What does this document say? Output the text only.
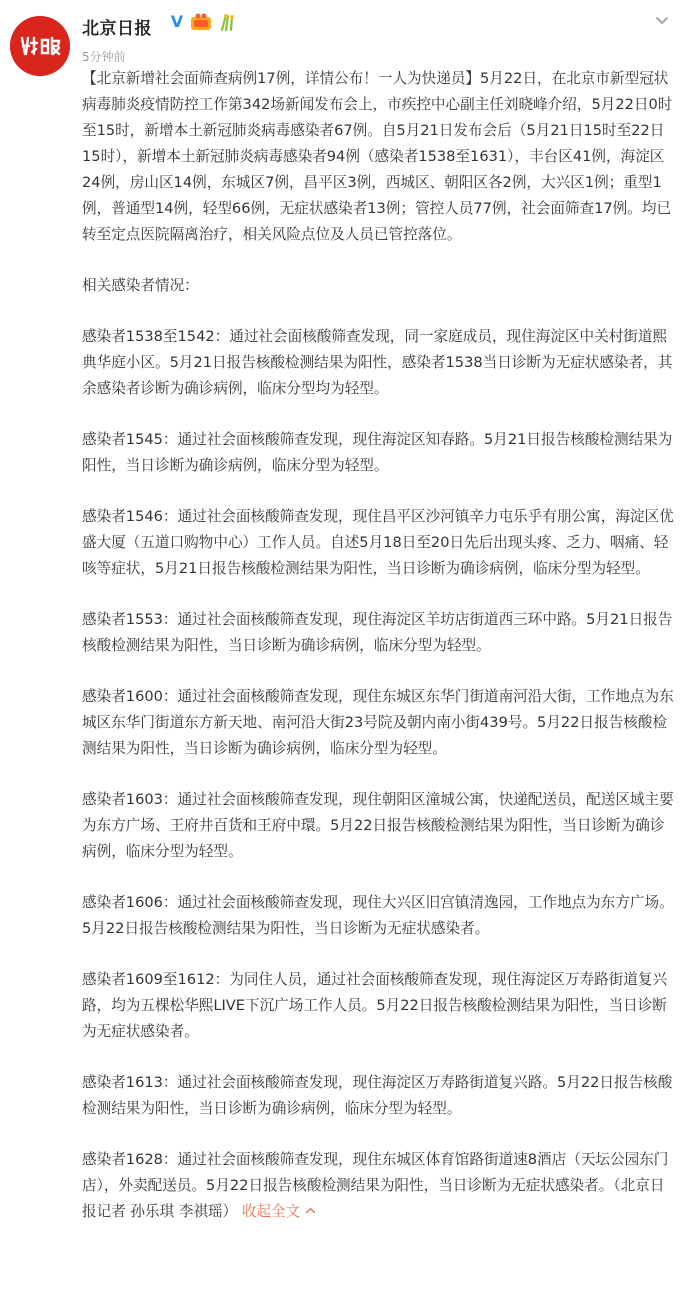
北京日报 V
5分钟前

【北京新增社会面筛查病例17例，详情公布！一人为快递员】5月22日，在北京市新型冠状病毒肺炎疫情防控工作第342场新闻发布会上，市疾控中心副主任刘晓峰介绍，5月22日0时至15时，新增本土新冠肺炎病毒感染者67例。自5月21日发布会后（5月21日15时至22日15时），新增本土新冠肺炎病毒感染者94例（感染者1538至1631），丰台区41例，海淀区24例，房山区14例，东城区7例，昌平区3例，西城区、朝阳区各2例，大兴区1例；重型1例，普通型14例，轻型66例，无症状感染者13例；管控人员77例，社会面筛查17例。均已转至定点医院隔离治疗，相关风险点位及人员已管控落位。

相关感染者情况：

感染者1538至1542：通过社会面核酸筛查发现，同一家庭成员，现住海淀区中关村街道熙典华庭小区。5月21日报告核酸检测结果为阳性，感染者1538当日诊断为无症状感染者，其余感染者诊断为确诊病例，临床分型均为轻型。

感染者1545：通过社会面核酸筛查发现，现住海淀区知春路。5月21日报告核酸检测结果为阳性，当日诊断为确诊病例，临床分型为轻型。

感染者1546：通过社会面核酸筛查发现，现住昌平区沙河镇辛力屯乐乎有朋公寓，海淀区优盛大厦（五道口购物中心）工作人员。自述5月18日至20日先后出现头疼、乏力、咽痛、轻咳等症状，5月21日报告核酸检测结果为阳性，当日诊断为确诊病例，临床分型为轻型。

感染者1553：通过社会面核酸筛查发现，现住海淀区羊坊店街道西三环中路。5月21日报告核酸检测结果为阳性，当日诊断为确诊病例，临床分型为轻型。

感染者1600：通过社会面核酸筛查发现，现住东城区东华门街道南河沿大街，工作地点为东城区东华门街道东方新天地、南河沿大街23号院及朝内南小街439号。5月22日报告核酸检测结果为阳性，当日诊断为确诊病例，临床分型为轻型。

感染者1603：通过社会面核酸筛查发现，现住朝阳区潼城公寓，快递配送员，配送区域主要为东方广场、王府井百货和王府中環。5月22日报告核酸检测结果为阳性，当日诊断为确诊病例，临床分型为轻型。

感染者1606：通过社会面核酸筛查发现，现住大兴区旧宫镇清逸园，工作地点为东方广场。5月22日报告核酸检测结果为阳性，当日诊断为无症状感染者。

感染者1609至1612：为同住人员，通过社会面核酸筛查发现，现住海淀区万寿路街道复兴路，均为五棵松华熙LIVE下沉广场工作人员。5月22日报告核酸检测结果为阳性，当日诊断为无症状感染者。

感染者1613：通过社会面核酸筛查发现，现住海淀区万寿路街道复兴路。5月22日报告核酸检测结果为阳性，当日诊断为确诊病例，临床分型为轻型。

感染者1628：通过社会面核酸筛查发现，现住东城区体育馆路街道速8酒店（天坛公园东门店），外卖配送员。5月22日报告核酸检测结果为阳性，当日诊断为无症状感染者。（北京日报记者 孙乐琪 李祺瑶） 收起全文
